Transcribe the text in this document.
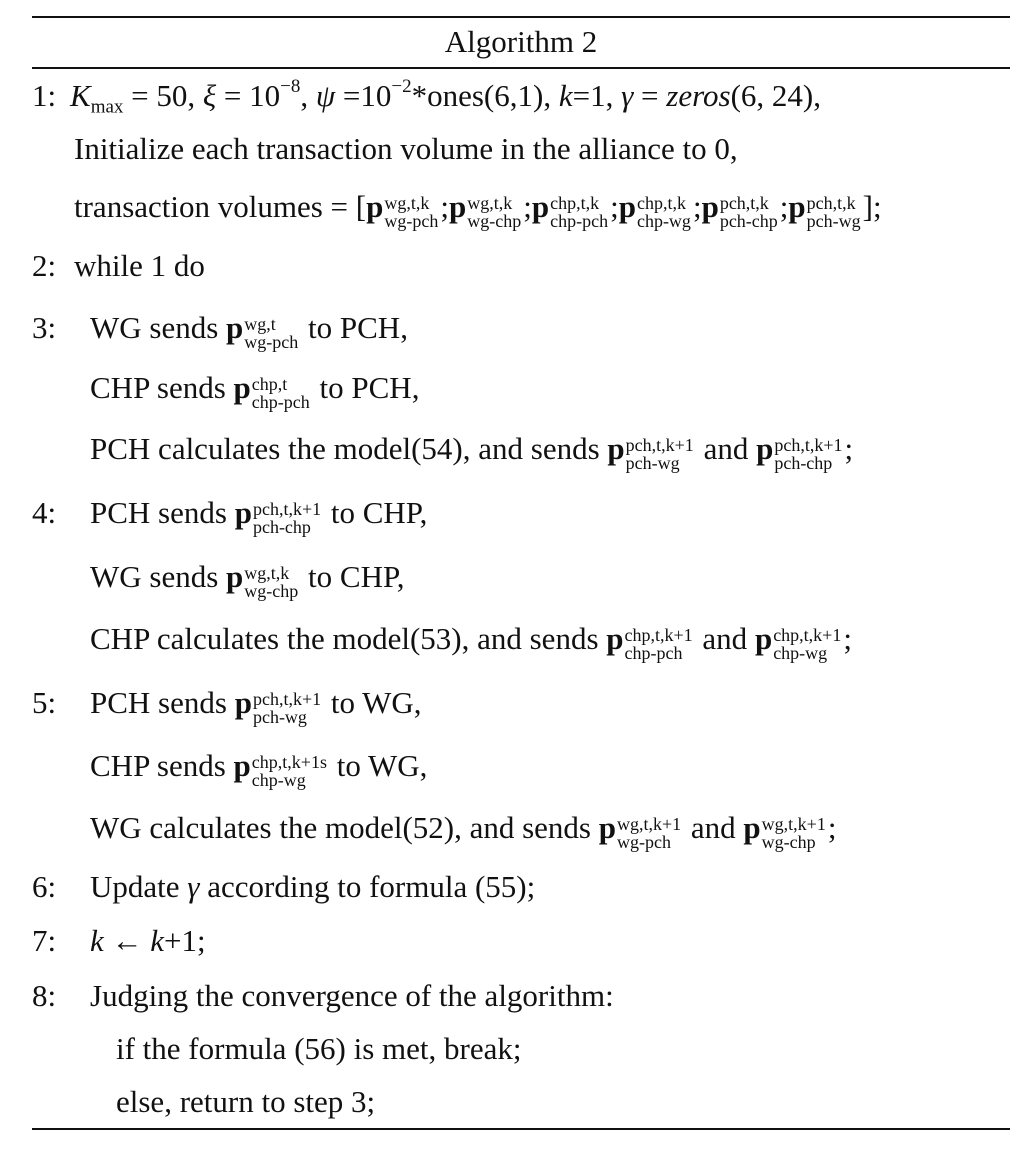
Algorithm 2
1: $K_{max} = 50$, $\xi = 10^{-8}$, $\psi =10^{-2}*ones(6,1)$, k=1, γ = zeros(6, 24),
Initialize each transaction volume in the alliance to 0,
transaction volumes = [p wg,t,k
wg-pch ;p wg,t,k
wg-chp ;p chp,t,k
chp-pch ;p chp,t,k
chp-wg ;p pch,t,k
pch-chp ;p pch,t,k
pch-wg ];
2: while 1 do
3: WG sends p wg,t
wg-pch to PCH,
CHP sends p chp,t
chp-pch to PCH,
PCH calculates the model(54), and sends p pch,t,k+1
pch-wg and p pch,t,k+1
pch-chp ;
4: PCH sends p pch,t,k+1
pch-chp to CHP,
WG sends p wg,t,k
wg-chp to CHP,
CHP calculates the model(53), and sends p chp,t,k+1
chp-pch and p chp,t,k+1
chp-wg ;
5: PCH sends p pch,t,k+1
pch-wg to WG,
CHP sends p chp,t,k+1s
chp-wg to WG,
WG calculates the model(52), and sends p wg,t,k+1
wg-pch and p wg,t,k+1
wg-chp ;
6: Update γ according to formula (55);
7: k ← k+1;
8: Judging the convergence of the algorithm:
if the formula (56) is met, break;
else, return to step 3;
